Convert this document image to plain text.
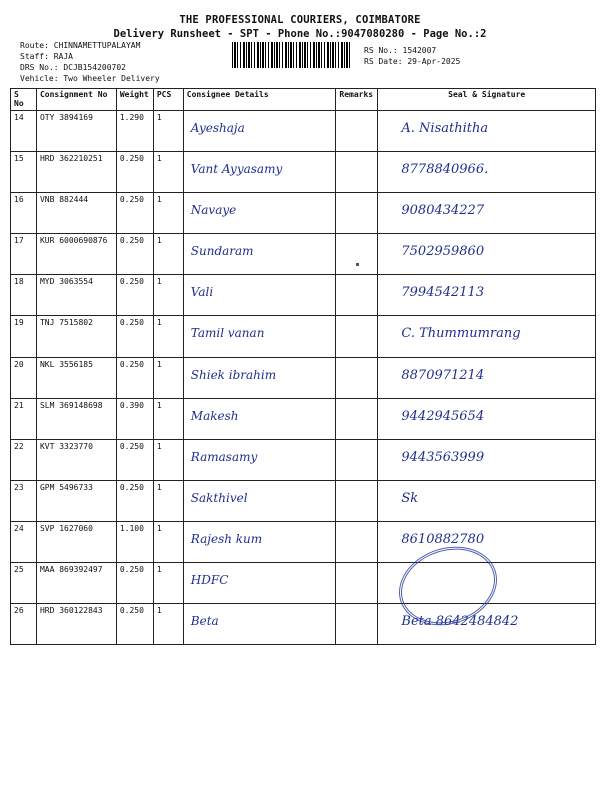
THE PROFESSIONAL COURIERS, COIMBATORE
Delivery Runsheet - SPT - Phone No.:9047080280 - Page No.:2
Route: CHINNAMETTUPALAYAM
Staff: RAJA
DRS No.: DCJB154200702
Vehicle: Two Wheeler Delivery
RS No.: 1542007
RS Date: 29-Apr-2025
S No	Consignment No	Weight	PCS	Consignee Details	Remarks	Seal & Signature
14	OTY 3894169	1.290	1	Ayeshaja		A. Nisathitha

15	HRD 362210251	0.250	1	Vant Ayyasamy		8778840966.

16	VNB 882444	0.250	1	Navaye		9080434227

17	KUR 6000690876	0.250	1	Sundaram		7502959860

18	MYD 3063554	0.250	1	Vali		7994542113

19	TNJ 7515802	0.250	1	Tamil vanan		C. Thummumrang

20	NKL 3556185	0.250	1	Shiek ibrahim		8870971214

21	SLM 369148698	0.390	1	Makesh		9442945654

22	KVT 3323770	0.250	1	Ramasamy		9443563999

23	GPM 5496733	0.250	1	Sakthivel		Sk

24	SVP 1627060	1.100	1	Rajesh kum		8610882780

25	MAA 869392497	0.250	1	HDFC		

26	HRD 360122843	0.250	1	Beta		Beta 8642484842
